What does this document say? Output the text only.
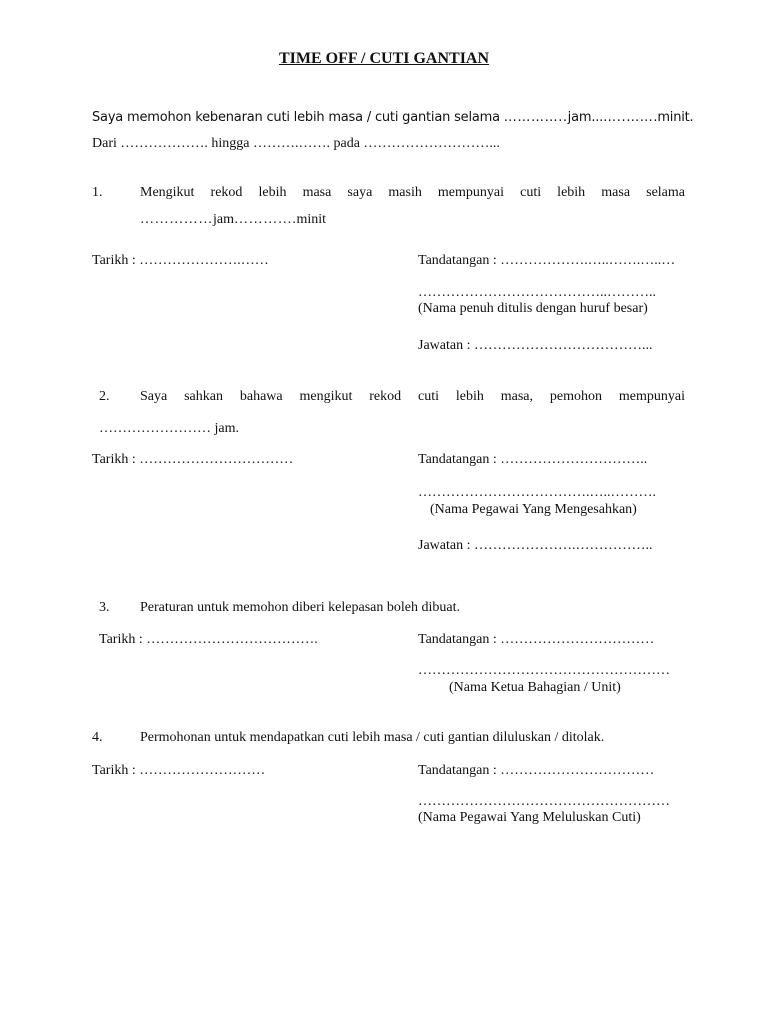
TIME OFF / CUTI GANTIAN
Saya memohon kebenaran cuti lebih masa / cuti gantian selama …………..jam...…..…….minit.
Dari ………………. hingga ……….……. pada ………………………...
1.	Mengikut rekod lebih masa saya masih mempunyai cuti lebih masa selama
……………jam………….minit
Tarikh : ………………….……	Tandatangan : ……………….…..…….…..…
…………………………………..………..
(Nama penuh ditulis dengan huruf besar)
Jawatan : ………………………………...
2. Saya sahkan bahawa mengikut rekod cuti lebih masa, pemohon mempunyai
…………………… jam.
Tarikh : ……………………………	Tandatangan : …………………………..
……………………………….…..……….
(Nama Pegawai Yang Mengesahkan)
Jawatan : ………………….……………..
3. Peraturan untuk memohon diberi kelepasan boleh dibuat.
Tarikh : ……………………………….	Tandatangan : ……………………………
………………………………………………
(Nama Ketua Bahagian / Unit)
4.	Permohonan untuk mendapatkan cuti lebih masa / cuti gantian diluluskan / ditolak.
Tarikh : ………………………	Tandatangan : ……………………………
………………………………………………
(Nama Pegawai Yang Meluluskan Cuti)
